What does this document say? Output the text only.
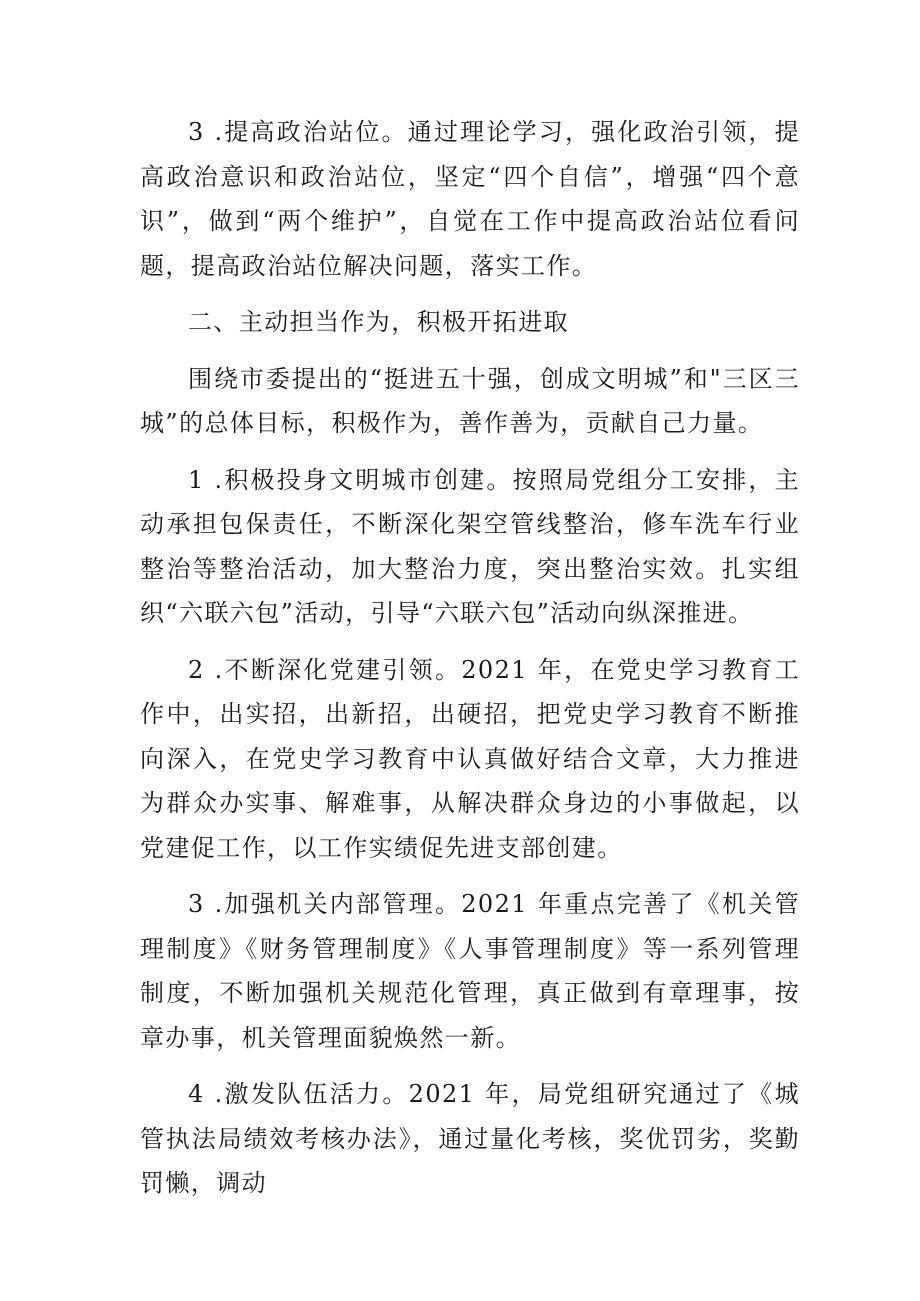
3 .提高政治站位。通过理论学习，强化政治引领，提高政治意识和政治站位，坚定“四个自信”，增强“四个意识”，做到“两个维护”，自觉在工作中提高政治站位看问题，提高政治站位解决问题，落实工作。

二、主动担当作为，积极开拓进取

围绕市委提出的“挺进五十强，创成文明城”和"三区三城”的总体目标，积极作为，善作善为，贡献自己力量。

1 .积极投身文明城市创建。按照局党组分工安排，主动承担包保责任，不断深化架空管线整治，修车洗车行业整治等整治活动，加大整治力度，突出整治实效。扎实组织“六联六包”活动，引导“六联六包”活动向纵深推进。

2 .不断深化党建引领。2021 年，在党史学习教育工作中，出实招，出新招，出硬招，把党史学习教育不断推向深入，在党史学习教育中认真做好结合文章，大力推进为群众办实事、解难事，从解决群众身边的小事做起，以党建促工作，以工作实绩促先进支部创建。

3 .加强机关内部管理。2021 年重点完善了《机关管理制度》《财务管理制度》《人事管理制度》等一系列管理制度，不断加强机关规范化管理，真正做到有章理事，按章办事，机关管理面貌焕然一新。

4 .激发队伍活力。2021 年，局党组研究通过了《城管执法局绩效考核办法》，通过量化考核，奖优罚劣，奖勤罚懒，调动
